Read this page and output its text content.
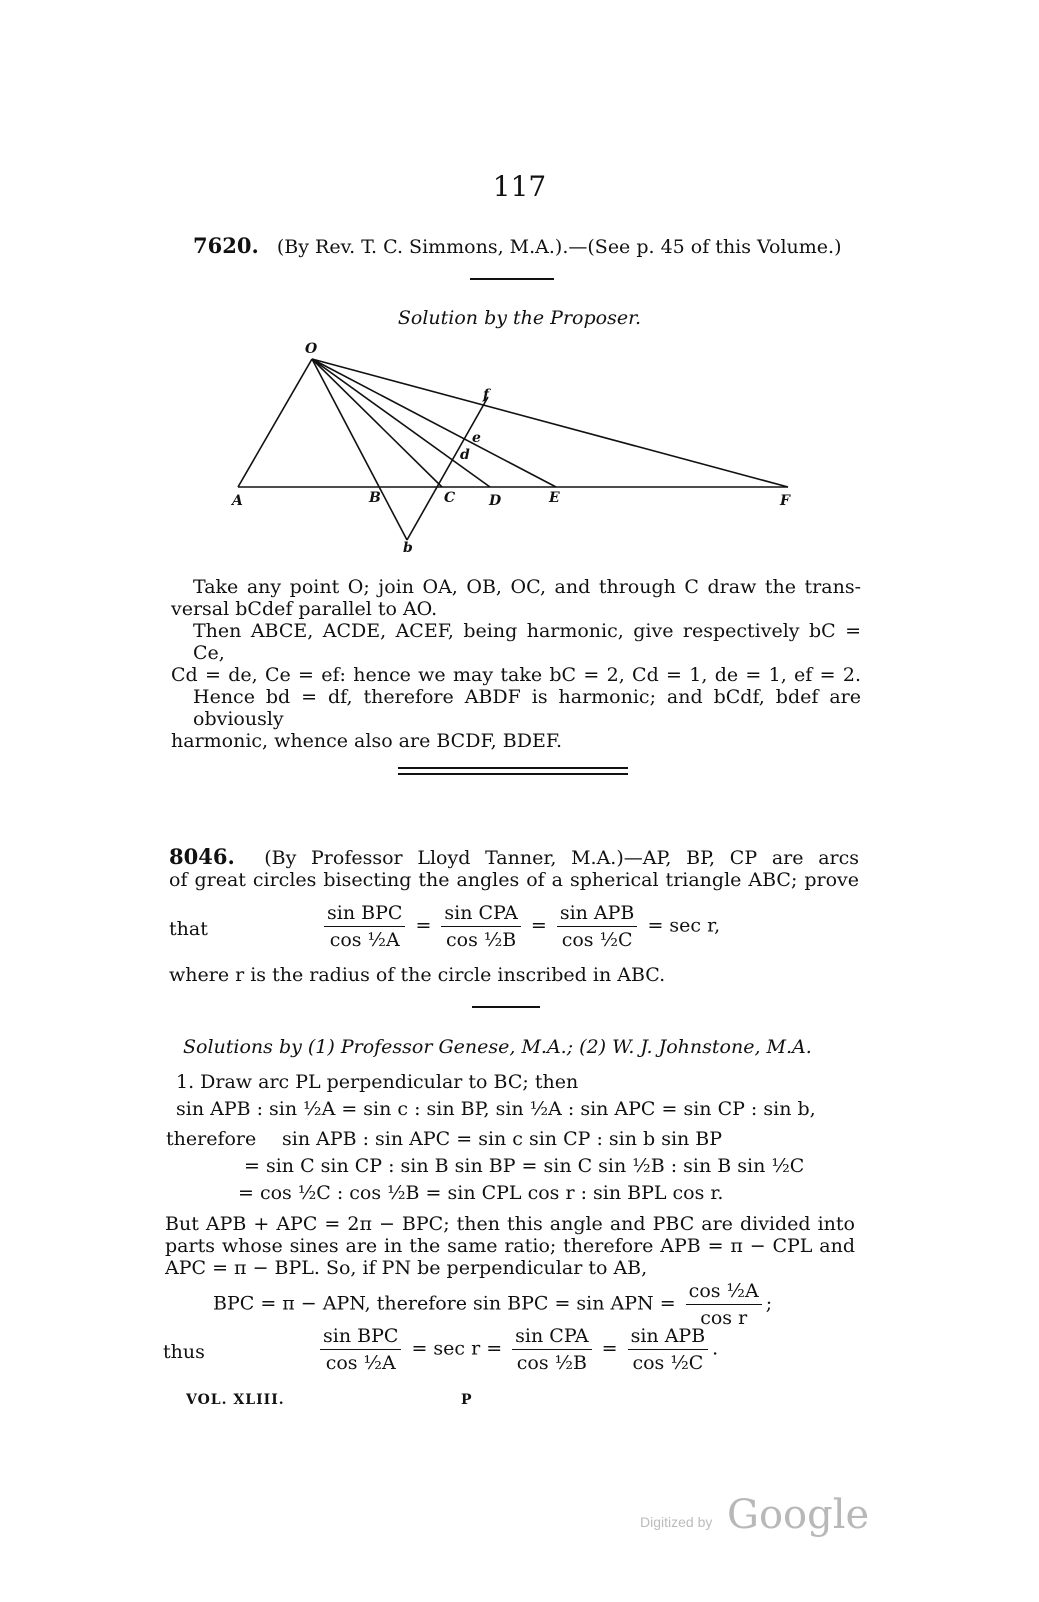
117
7620. (By Rev. T. C. Simmons, M.A.).—(See p. 45 of this Volume.)
Solution by the Proposer.
O
A	B	C D	E	F
b
d
e
f
Take any point O; join OA, OB, OC, and through C draw the trans-
versal bCdef parallel to AO.
Then ABCE, ACDE, ACEF, being harmonic, give respectively bC = Ce,
Cd = de, Ce = ef: hence we may take bC = 2, Cd = 1, de = 1, ef = 2.
Hence bd = df, therefore ABDF is harmonic; and bCdf, bdef are obviously
harmonic, whence also are BCDF, BDEF.
8046. (By Professor Lloyd Tanner, M.A.)—AP, BP, CP are arcs
of great circles bisecting the angles of a spherical triangle ABC; prove
that	$\frac{\text{sin BPC}}{\text{cos ½A}} = \frac{\text{sin CPA}}{\text{cos ½B}} = \frac{\text{sin APB}}{\text{cos ½C}} = \sec r$,
where r is the radius of the circle inscribed in ABC.
Solutions by (1) Professor Genese, M.A.; (2) W. J. Johnstone, M.A.
1. Draw arc PL perpendicular to BC; then
sin APB : sin ½A = sin c : sin BP, sin ½A : sin APC = sin CP : sin b,
therefore sin APB : sin APC = sin c sin CP : sin b sin BP
= sin C sin CP : sin B sin BP = sin C sin ½B : sin B sin ½C
= cos ½C : cos ½B = sin CPL cos r : sin BPL cos r.
But APB + APC = 2π − BPC; then this angle and PBC are divided into
parts whose sines are in the same ratio; therefore APB = π − CPL and
APC = π − BPL. So, if PN be perpendicular to AB,
BPC = π − APN, therefore sin BPC = sin APN = $\frac{\text{cos ½A}}{\text{cos r}}$ ;
thus	$\frac{\text{sin BPC}}{\text{cos ½A}} = \sec r = \frac{\text{sin CPA}}{\text{cos ½B}} = \frac{\text{sin APB}}{\text{cos ½C}}$ .
VOL. XLIII.	P
Digitized by Google
